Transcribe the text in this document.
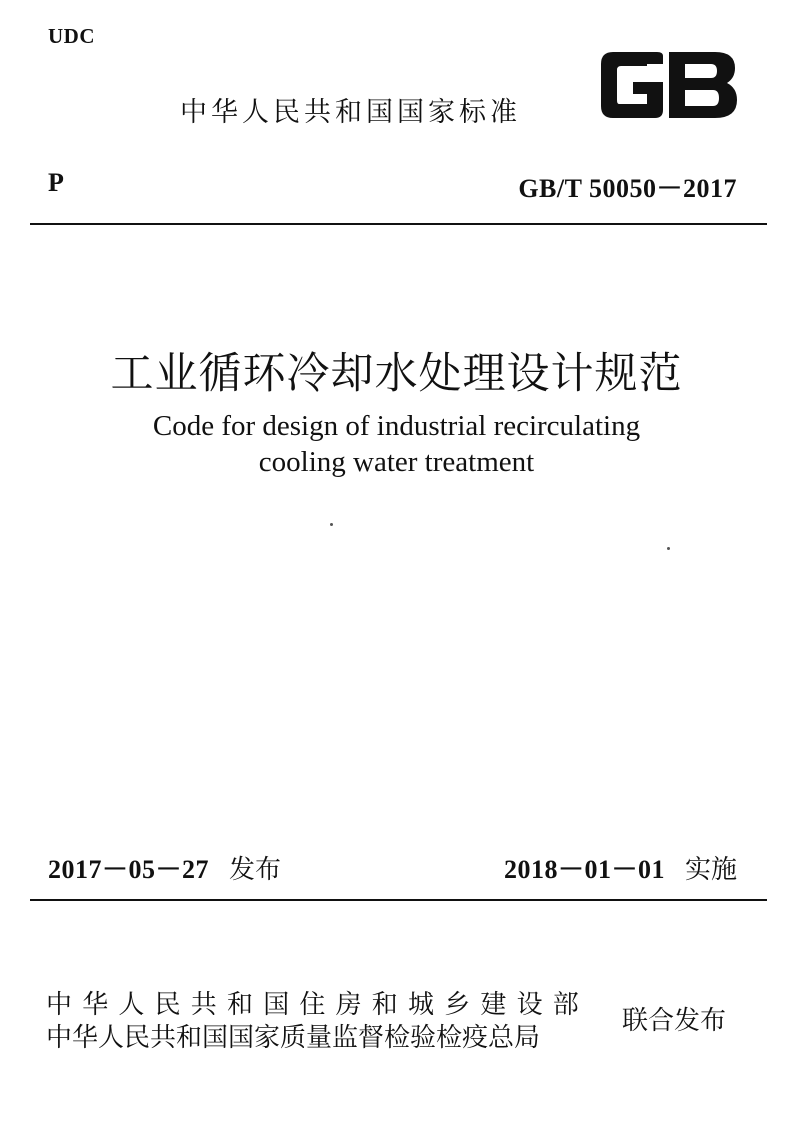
UDC
中华人民共和国国家标准
P	GB/T 50050－2017
工业循环冷却水处理设计规范
Code for design of industrial recirculating
cooling water treatment
2017－05－27 发布	2018－01－01 实施
中华人民共和国住房和城乡建设部
中华人民共和国国家质量监督检验检疫总局
联合发布
